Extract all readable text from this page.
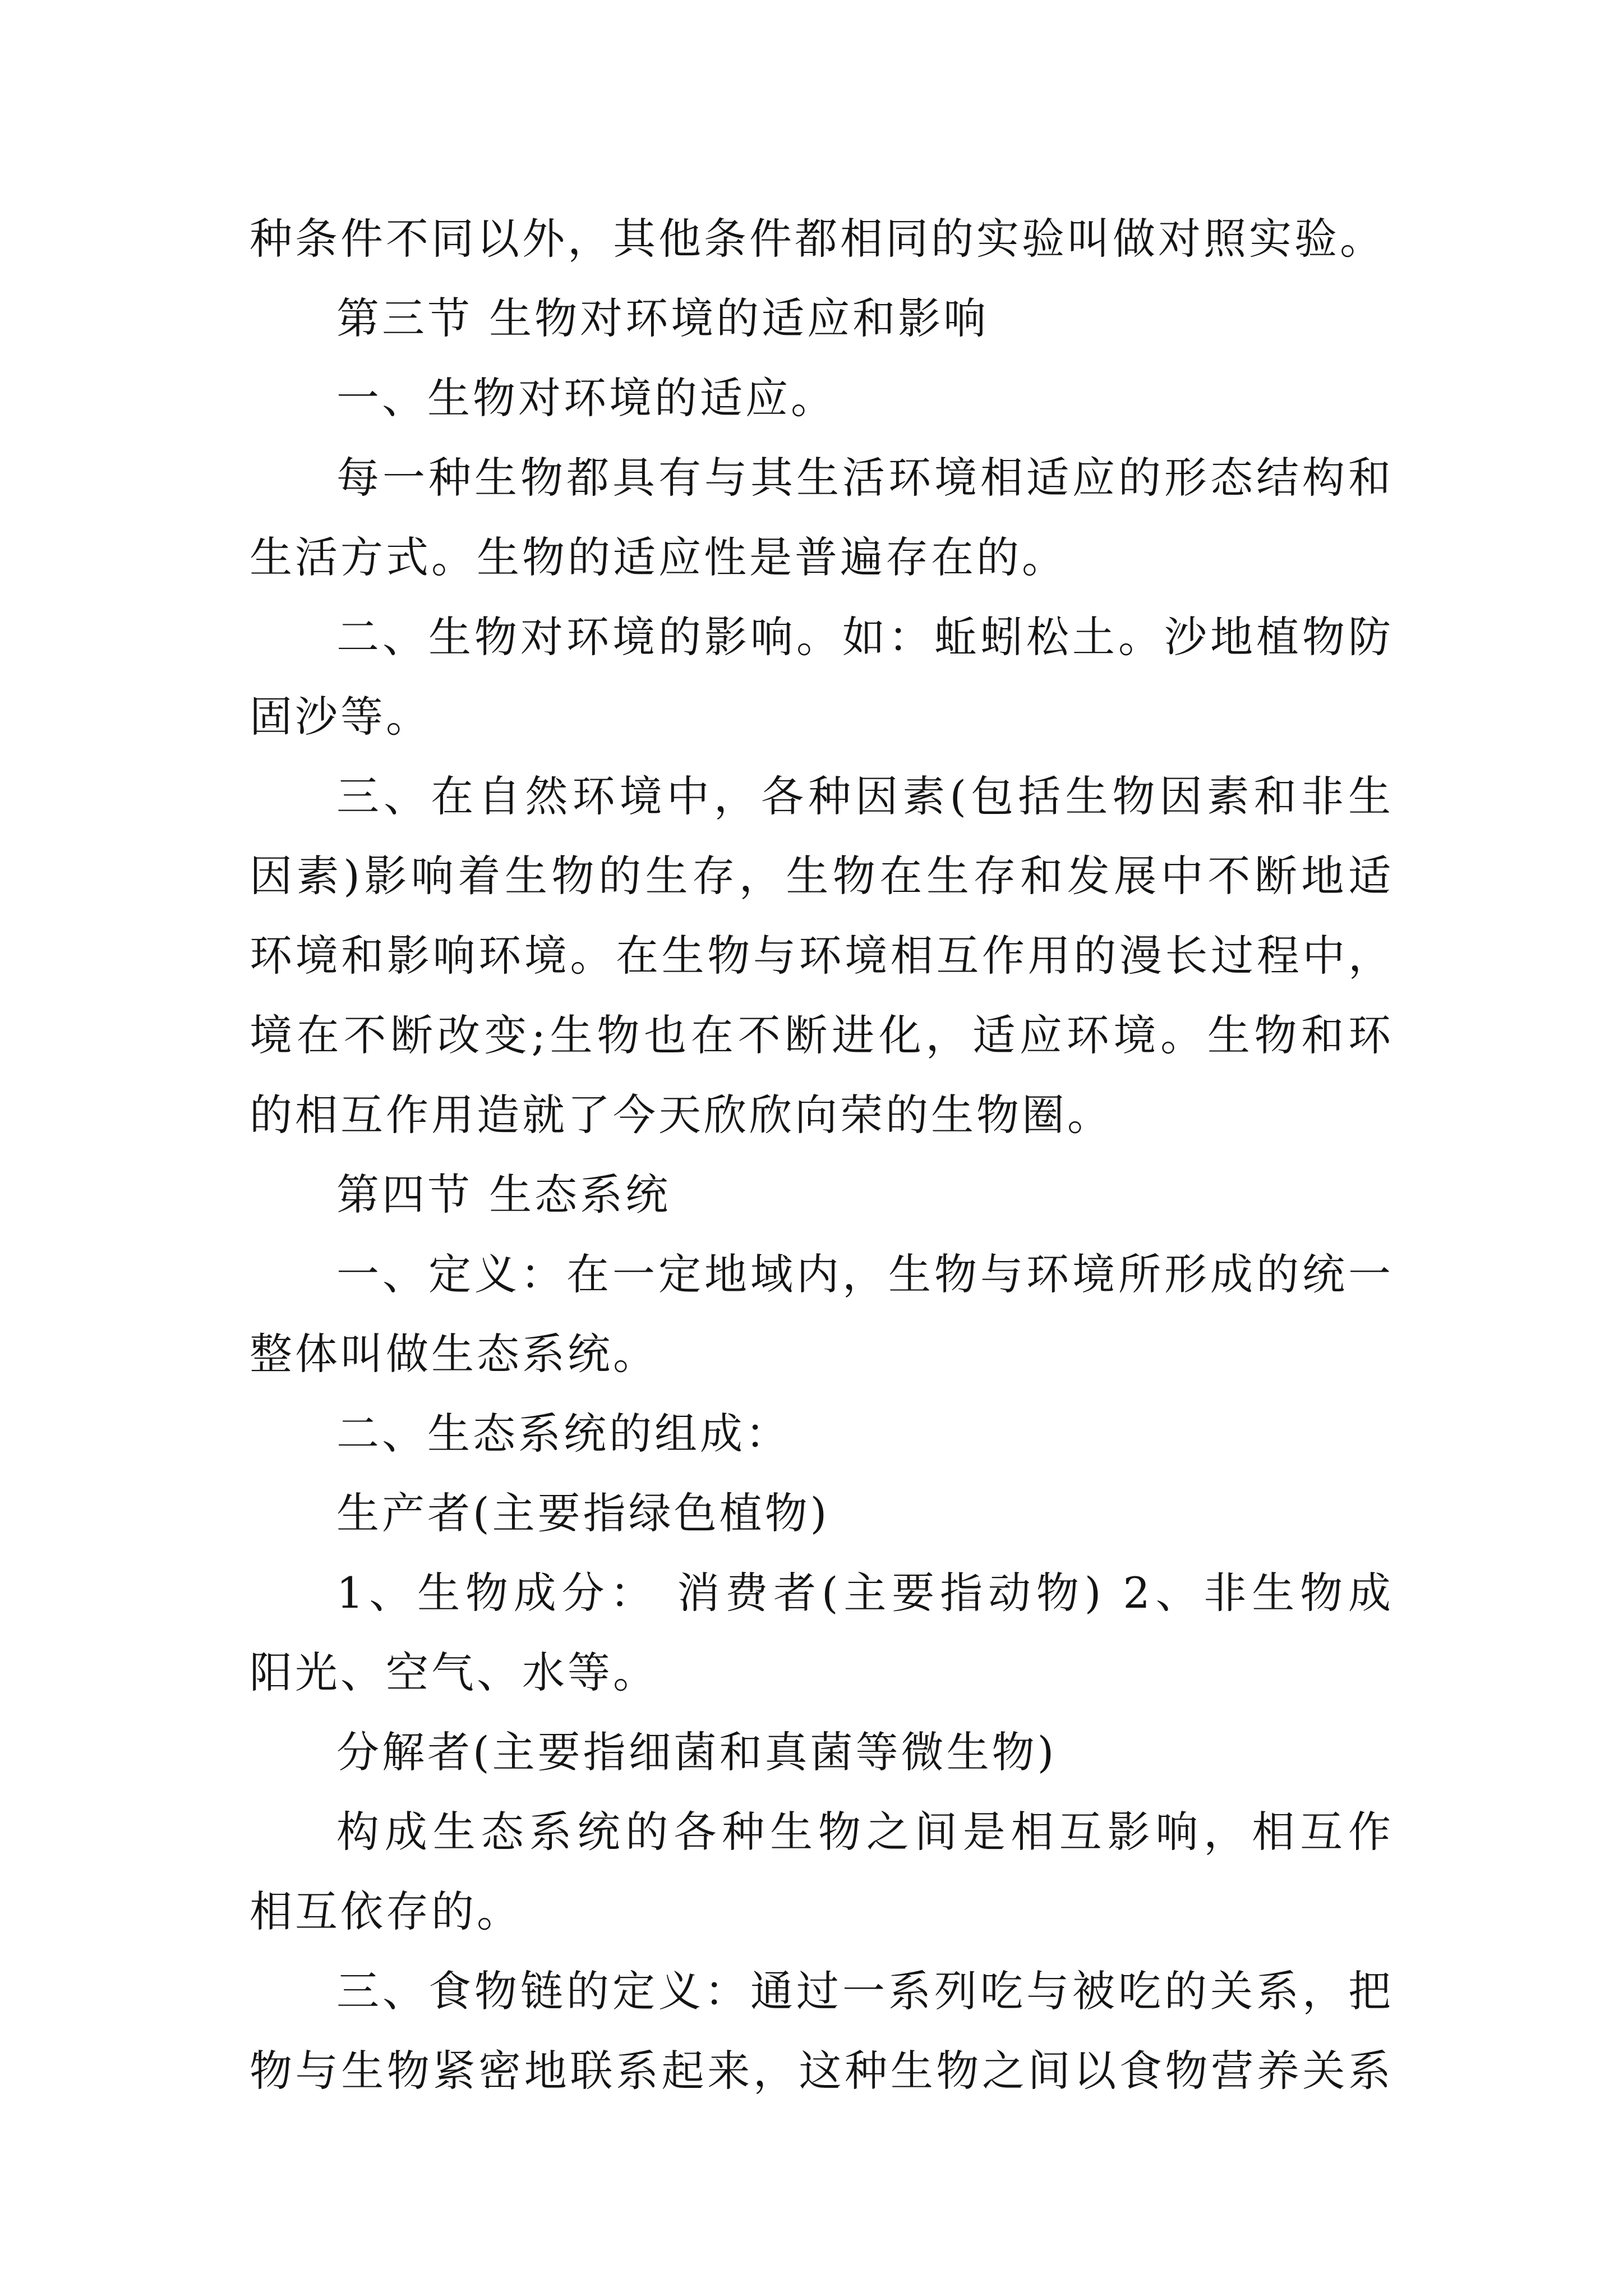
种条件不同以外，其他条件都相同的实验叫做对照实验。
第三节 生物对环境的适应和影响
一、生物对环境的适应。
每一种生物都具有与其生活环境相适应的形态结构和
生活方式。生物的适应性是普遍存在的。
二、生物对环境的影响。如：蚯蚓松土。沙地植物防
固沙等。
三、在自然环境中，各种因素(包括生物因素和非生
因素)影响着生物的生存，生物在生存和发展中不断地适
环境和影响环境。在生物与环境相互作用的漫长过程中，
境在不断改变;生物也在不断进化，适应环境。生物和环
的相互作用造就了今天欣欣向荣的生物圈。
第四节 生态系统
一、定义：在一定地域内，生物与环境所形成的统一
整体叫做生态系统。
二、生态系统的组成：
生产者(主要指绿色植物)
1、生物成分： 消费者(主要指动物) 2、非生物成
阳光、空气、水等。
分解者(主要指细菌和真菌等微生物)
构成生态系统的各种生物之间是相互影响，相互作
相互依存的。
三、食物链的定义：通过一系列吃与被吃的关系，把
物与生物紧密地联系起来，这种生物之间以食物营养关系
